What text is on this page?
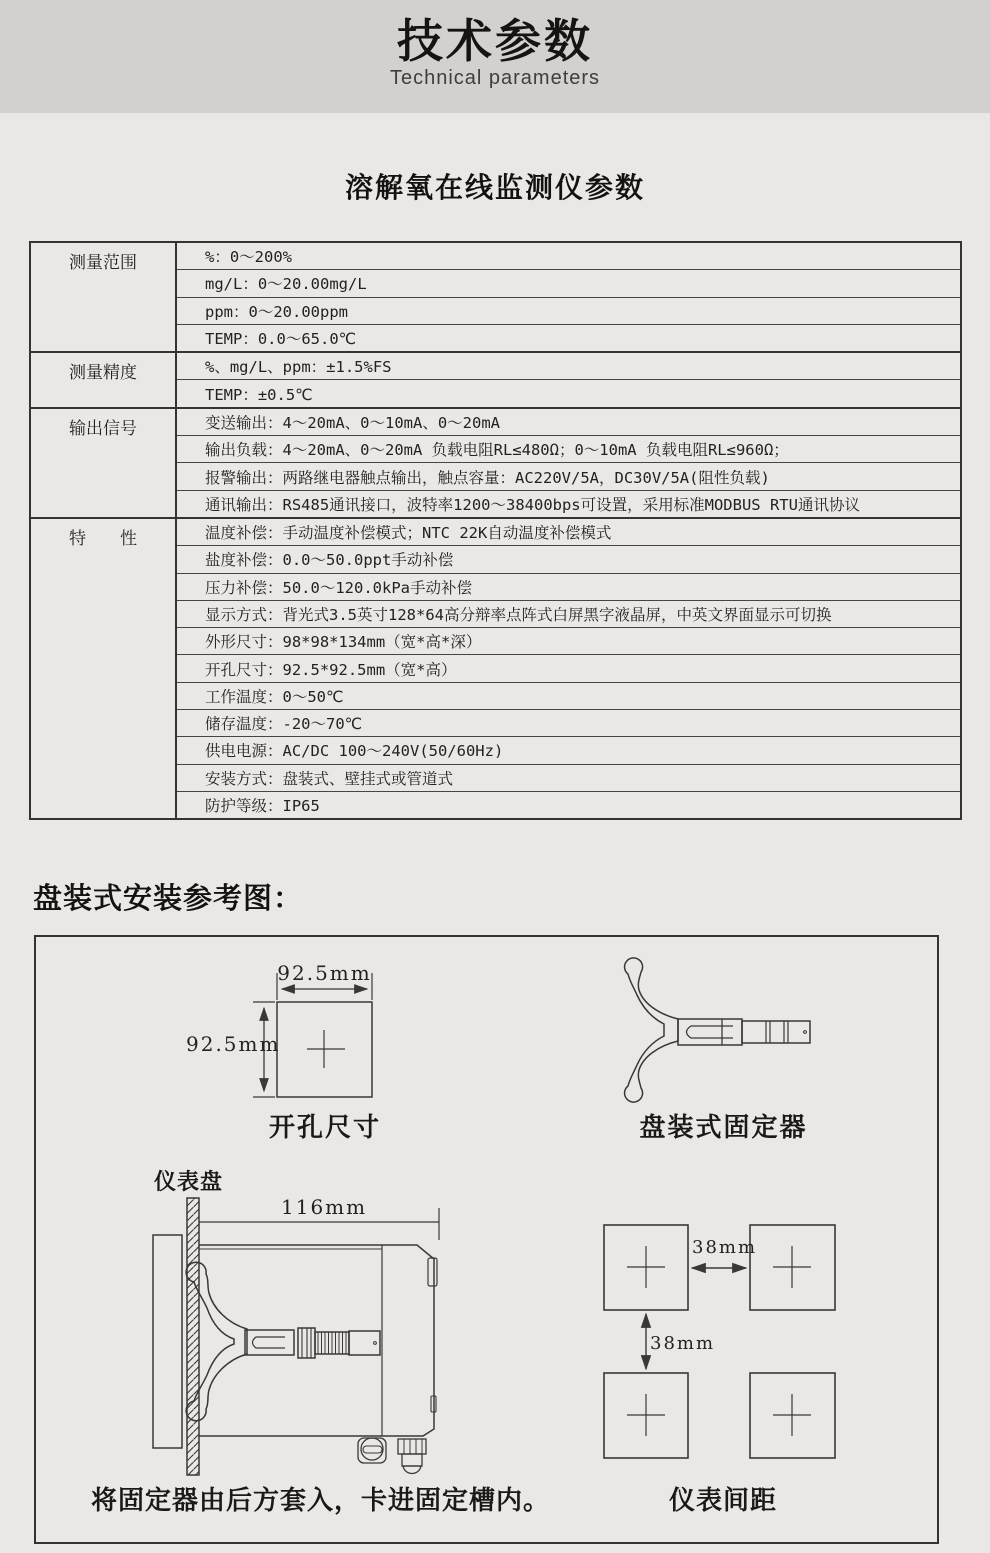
技术参数
Technical parameters
溶解氧在线监测仪参数
测量范围	%：0～200%
mg/L：0～20.00mg/L
ppm：0～20.00ppm
TEMP：0.0～65.0℃
测量精度	%、mg/L、ppm：±1.5%FS
TEMP：±0.5℃
输出信号	变送输出：4～20mA、0～10mA、0～20mA
输出负载：4～20mA、0～20mA 负载电阻RL≤480Ω；0～10mA 负载电阻RL≤960Ω；
报警输出：两路继电器触点输出，触点容量：AC220V/5A，DC30V/5A(阻性负载)
通讯输出：RS485通讯接口，波特率1200～38400bps可设置，采用标准MODBUS RTU通讯协议
特　　性	温度补偿：手动温度补偿模式；NTC 22K自动温度补偿模式
盐度补偿：0.0～50.0ppt手动补偿
压力补偿：50.0～120.0kPa手动补偿
显示方式：背光式3.5英寸128*64高分辩率点阵式白屏黑字液晶屏，中英文界面显示可切换
外形尺寸：98*98*134mm（宽*高*深）
开孔尺寸：92.5*92.5mm（宽*高）
工作温度：0～50℃
储存温度：-20～70℃
供电电源：AC/DC 100～240V(50/60Hz)
安装方式：盘装式、壁挂式或管道式
防护等级：IP65
盘装式安装参考图：
92.5mm
92.5mm
开孔尺寸	盘装式固定器
仪表盘
116mm
将固定器由后方套入，卡进固定槽内。
38mm
38mm
仪表间距
